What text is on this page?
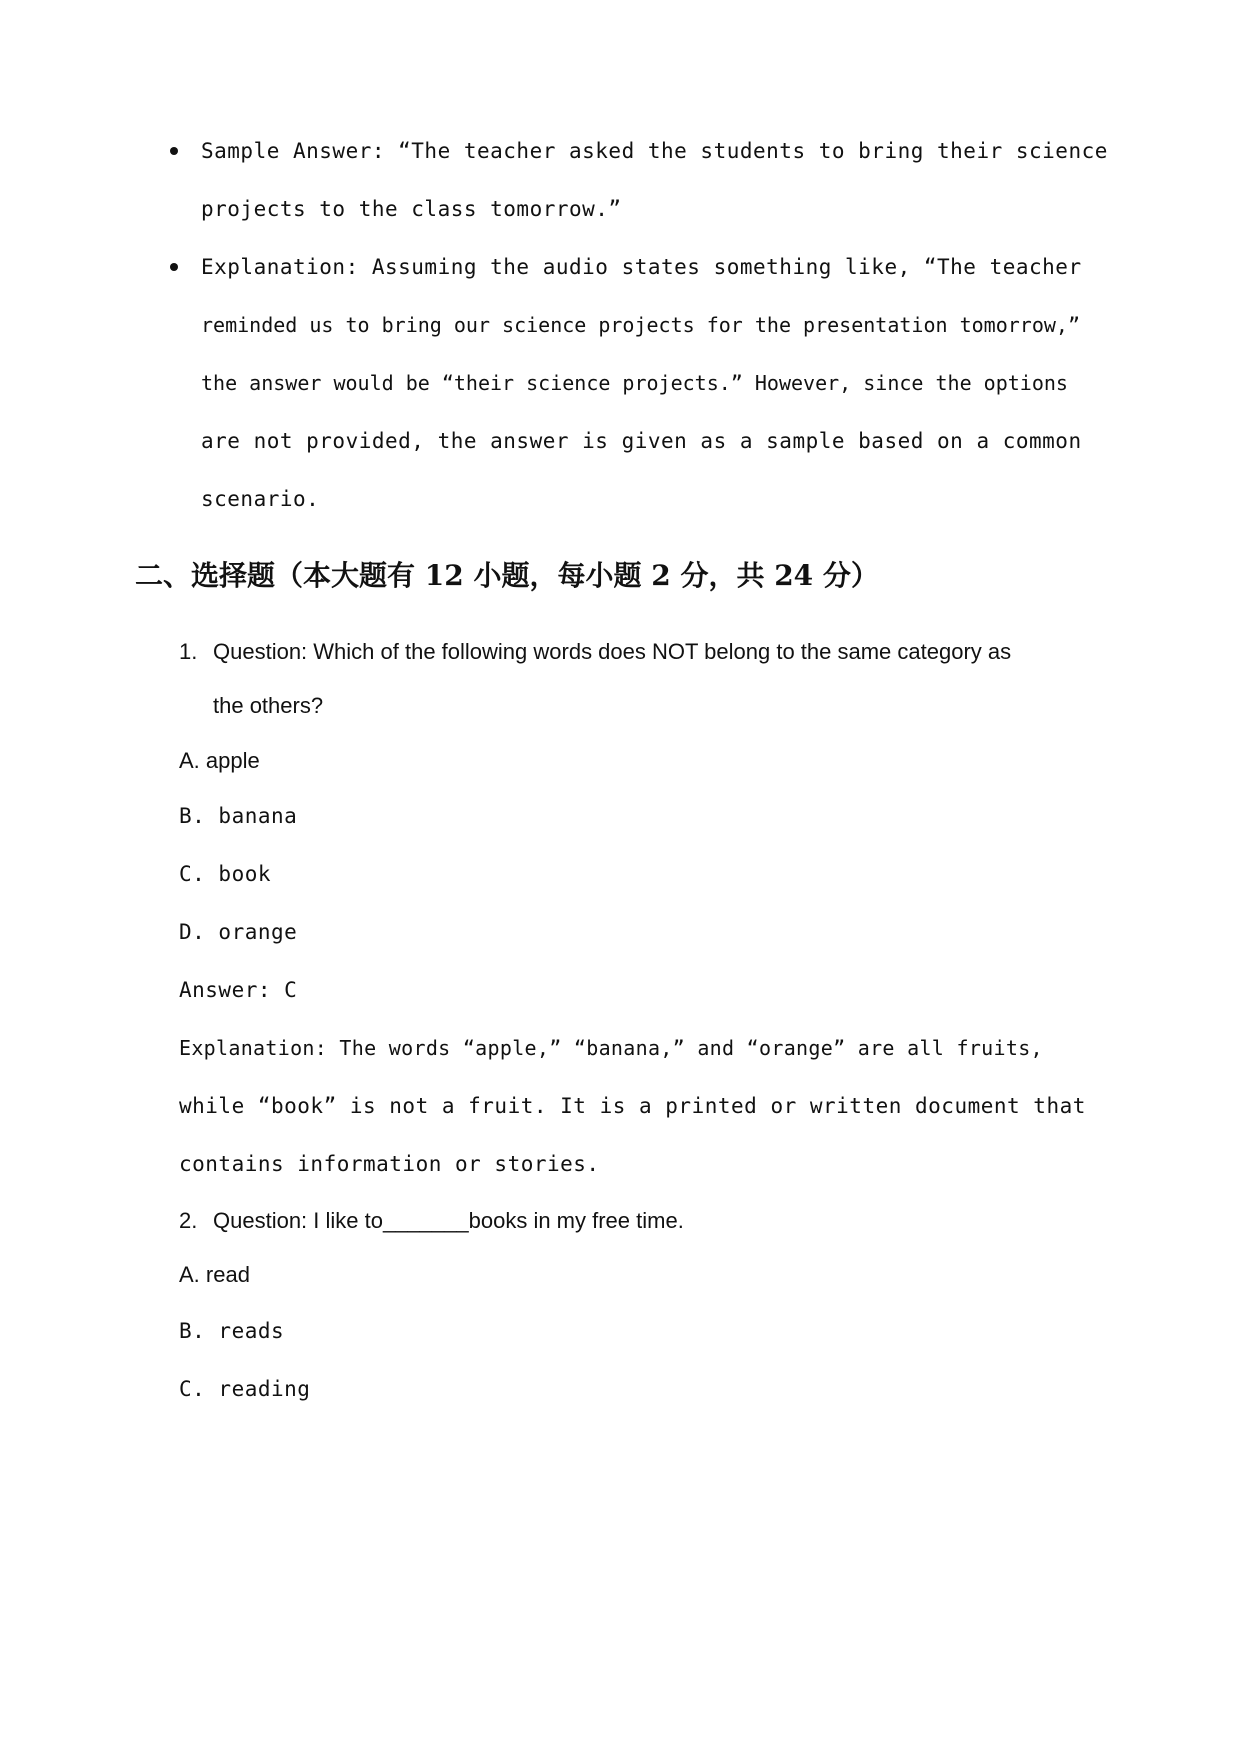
Sample Answer: “The teacher asked the students to bring their science
projects to the class tomorrow.”
Explanation: Assuming the audio states something like, “The teacher
reminded us to bring our science projects for the presentation tomorrow,”
the answer would be “their science projects.” However, since the options
are not provided, the answer is given as a sample based on a common
scenario.
二、选择题（本大题有 12 小题，每小题 2 分，共 24 分）
1. Question: Which of the following words does NOT belong to the same category as
the others?
A. apple
B. banana
C. book
D. orange
Answer: C
Explanation: The words “apple,” “banana,” and “orange” are all fruits,
while “book” is not a fruit. It is a printed or written document that
contains information or stories.
2. Question: I like to_______books in my free time.
A. read
B. reads
C. reading
